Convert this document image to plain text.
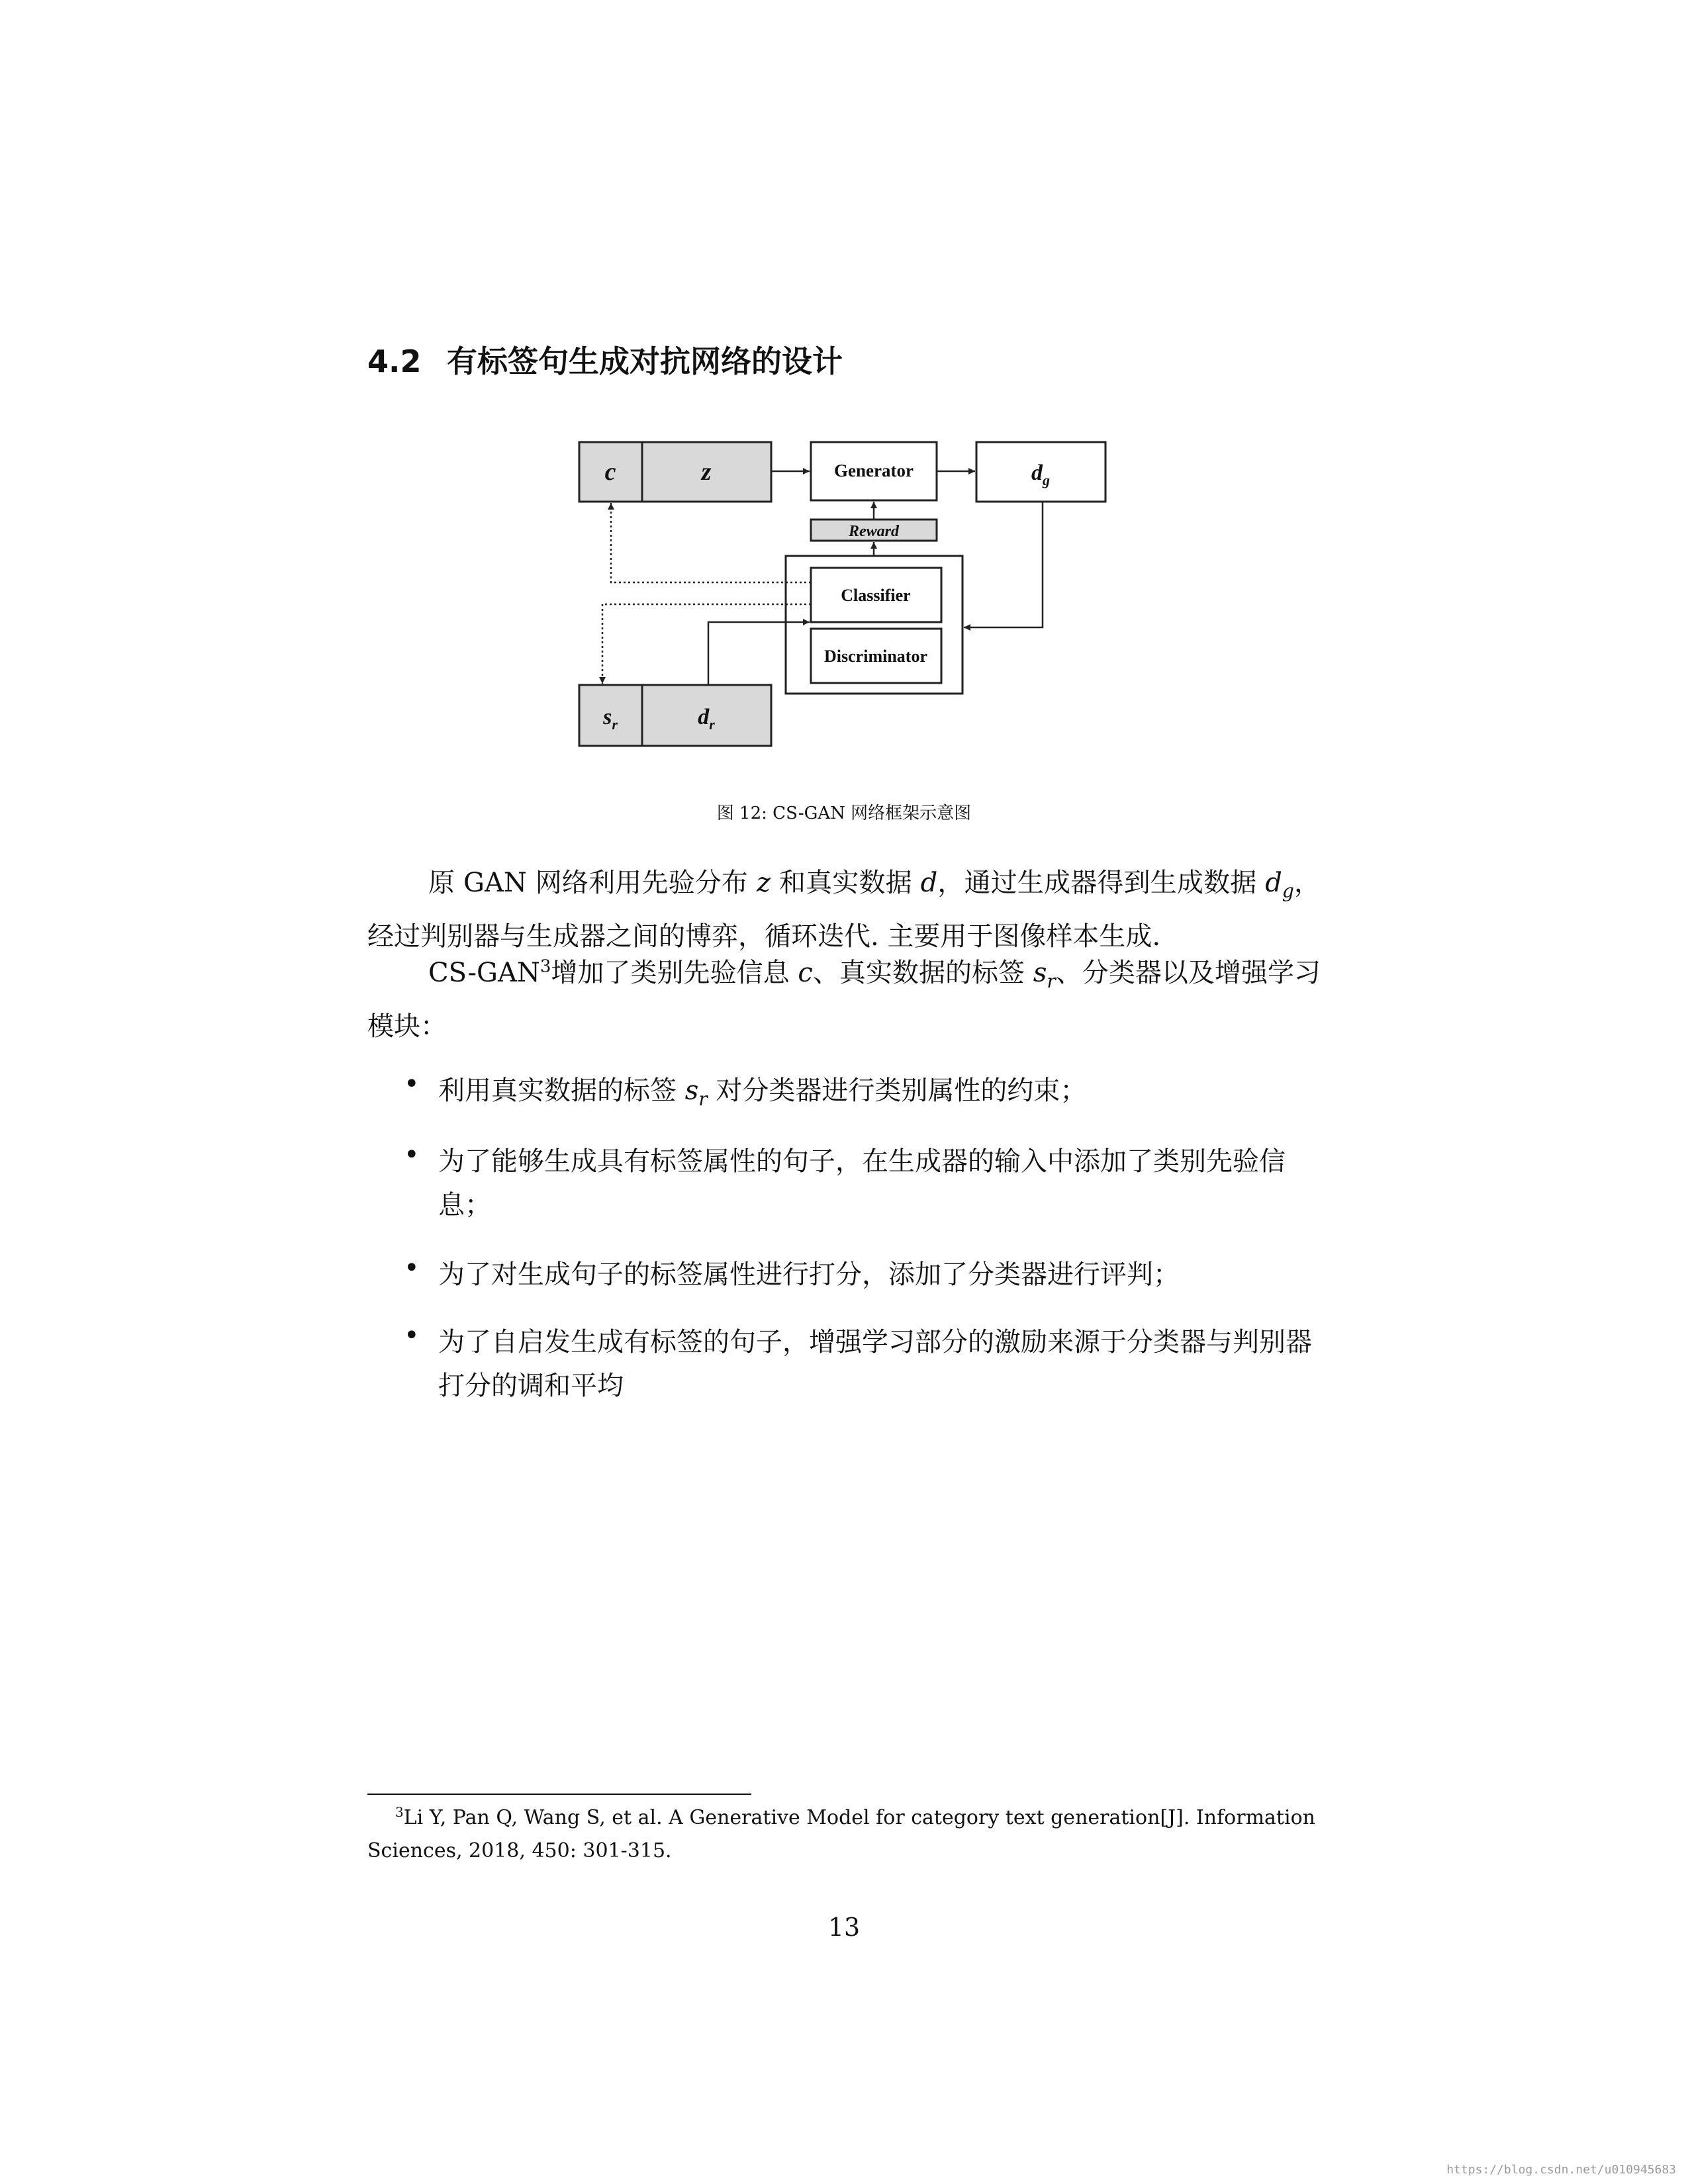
4.2 有标签句生成对抗网络的设计
c	z	Generator	$d_g$
Reward
Classifier
Discriminator
$s_r$	$d_r$
图 12: CS-GAN 网络框架示意图
原 GAN 网络利用先验分布 z 和真实数据 d，通过生成器得到生成数据 $d_g$，经过判别器与生成器之间的博弈，循环迭代. 主要用于图像样本生成.
CS-GAN$^3$增加了类别先验信息 c、真实数据的标签 $s_r$、分类器以及增强学习模块：
• 利用真实数据的标签 $s_r$ 对分类器进行类别属性的约束；
• 为了能够生成具有标签属性的句子，在生成器的输入中添加了类别先验信息；
• 为了对生成句子的标签属性进行打分，添加了分类器进行评判；
• 为了自启发生成有标签的句子，增强学习部分的激励来源于分类器与判别器打分的调和平均
$^3$Li Y, Pan Q, Wang S, et al. A Generative Model for category text generation[J]. Information Sciences, 2018, 450: 301-315.
13
https://blog.csdn.net/u010945683
